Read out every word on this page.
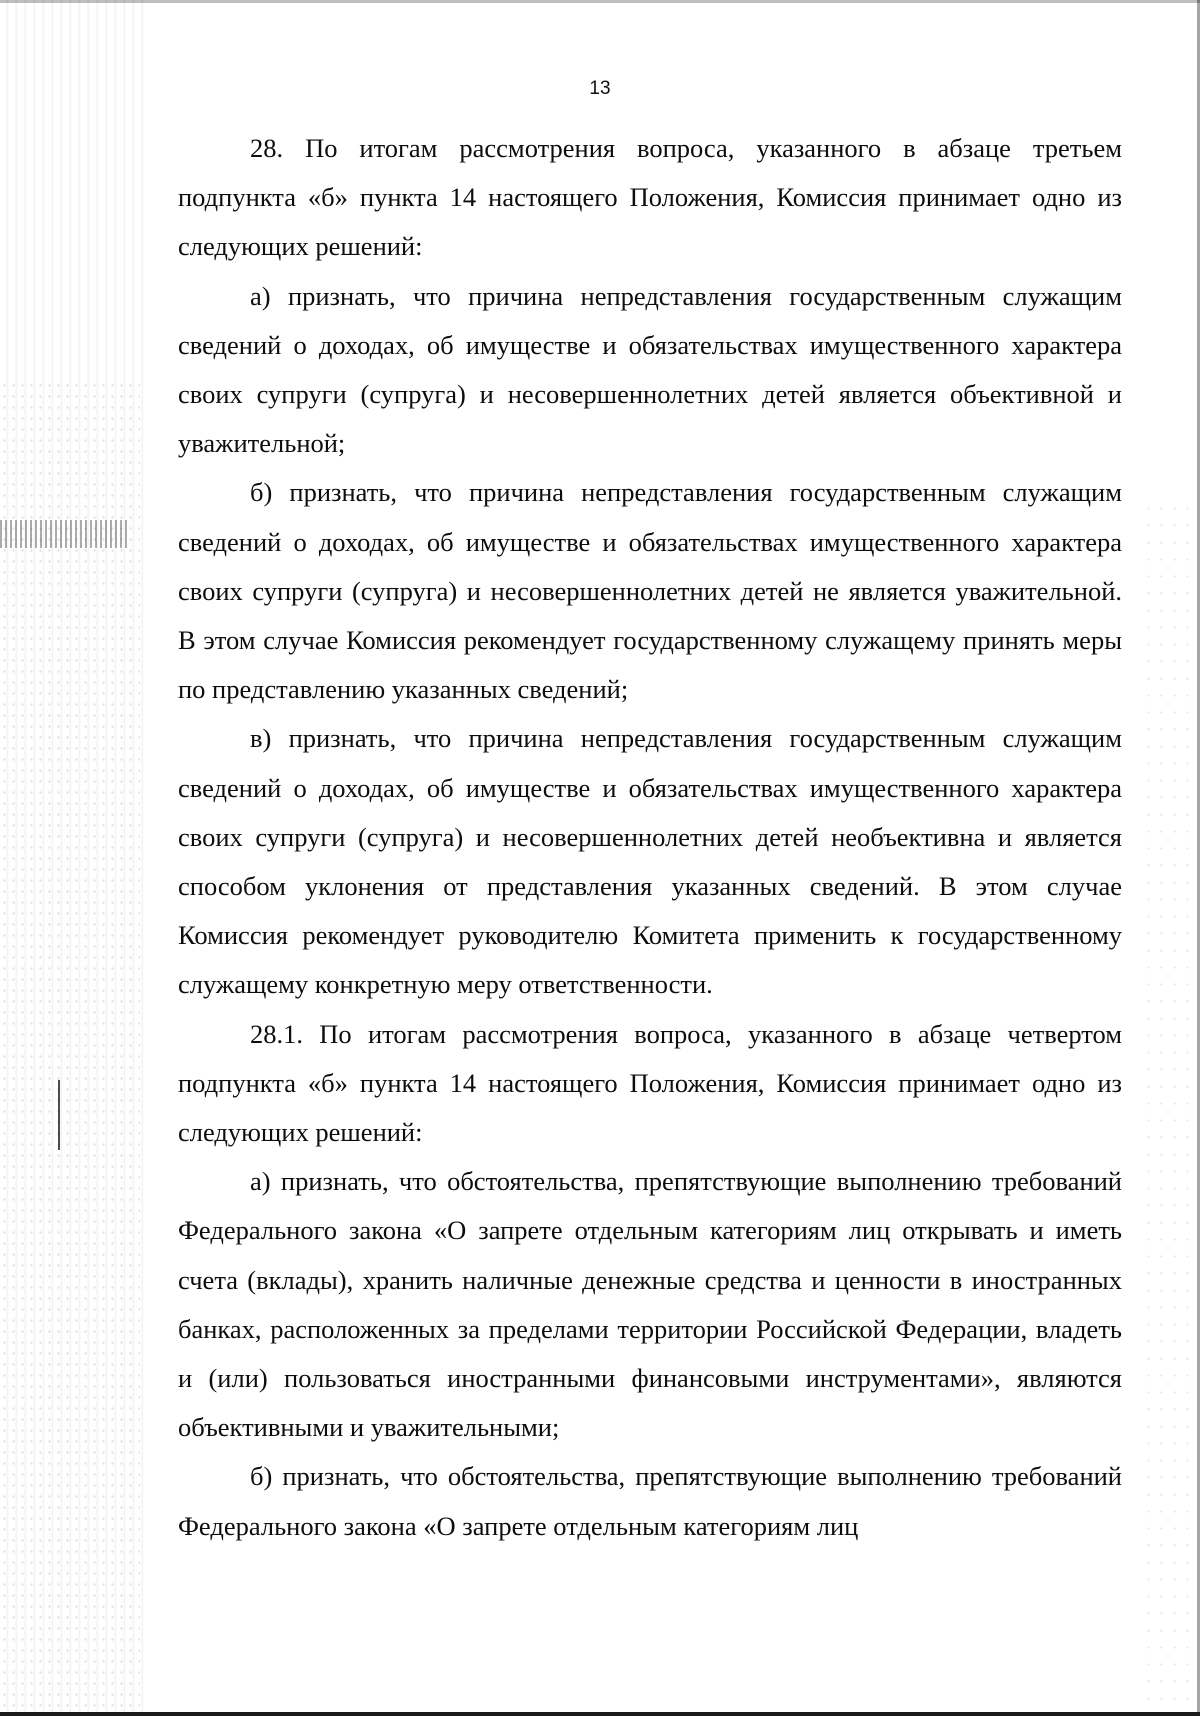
13

28. По итогам рассмотрения вопроса, указанного в абзаце третьем подпункта «б» пункта 14 настоящего Положения, Комиссия принимает одно из следующих решений:

а) признать, что причина непредставления государственным служащим сведений о доходах, об имуществе и обязательствах имущественного характера своих супруги (супруга) и несовершеннолетних детей является объективной и уважительной;

б) признать, что причина непредставления государственным служащим сведений о доходах, об имуществе и обязательствах имущественного характера своих супруги (супруга) и несовершеннолетних детей не является уважительной. В этом случае Комиссия рекомендует государственному служащему принять меры по представлению указанных сведений;

в) признать, что причина непредставления государственным служащим сведений о доходах, об имуществе и обязательствах имущественного характера своих супруги (супруга) и несовершеннолетних детей необъективна и является способом уклонения от представления указанных сведений. В этом случае Комиссия рекомендует руководителю Комитета применить к государственному служащему конкретную меру ответственности.

28.1. По итогам рассмотрения вопроса, указанного в абзаце четвертом подпункта «б» пункта 14 настоящего Положения, Комиссия принимает одно из следующих решений:

а) признать, что обстоятельства, препятствующие выполнению требований Федерального закона «О запрете отдельным категориям лиц открывать и иметь счета (вклады), хранить наличные денежные средства и ценности в иностранных банках, расположенных за пределами территории Российской Федерации, владеть и (или) пользоваться иностранными финансовыми инструментами», являются объективными и уважительными;

б) признать, что обстоятельства, препятствующие выполнению требований Федерального закона «О запрете отдельным категориям лиц
